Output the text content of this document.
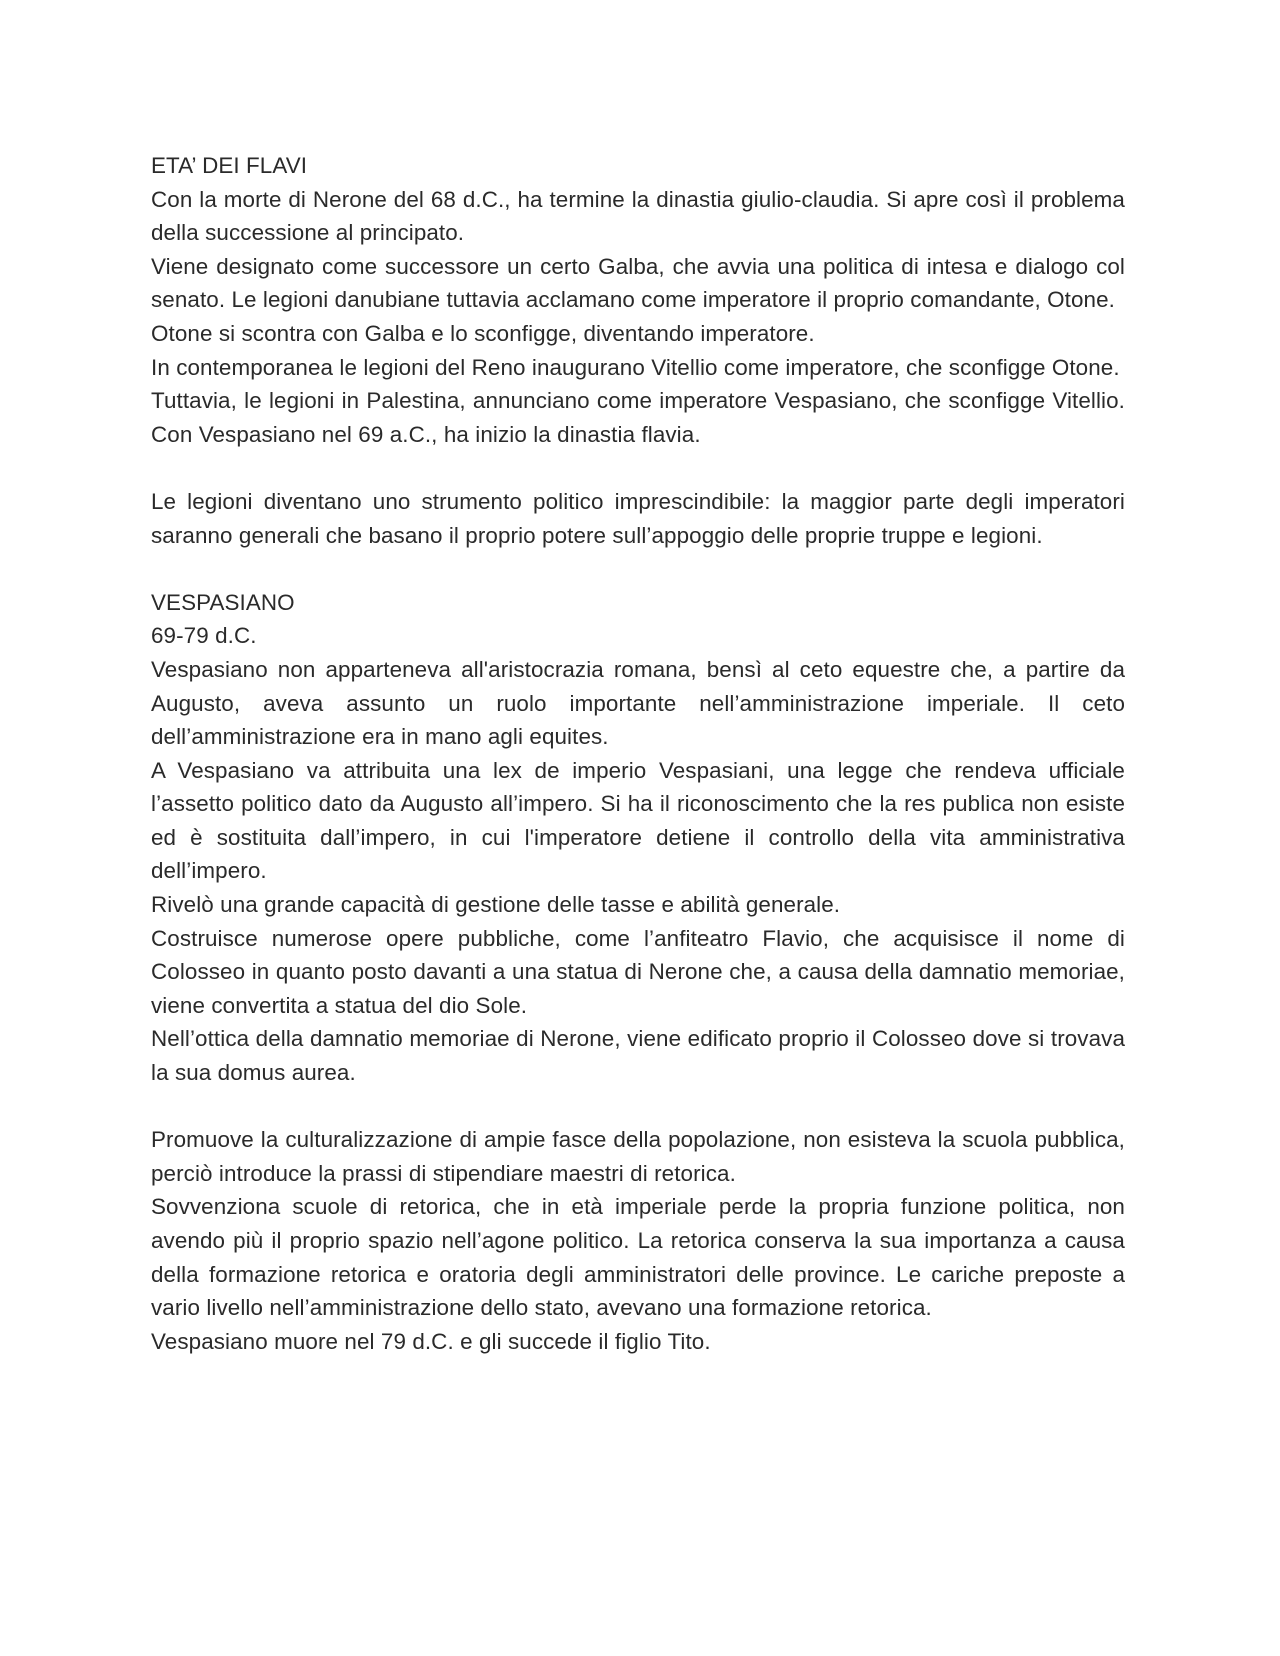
ETA’ DEI FLAVI

Con la morte di Nerone del 68 d.C., ha termine la dinastia giulio-claudia. Si apre così il problema della successione al principato.

Viene designato come successore un certo Galba, che avvia una politica di intesa e dialogo col senato. Le legioni danubiane tuttavia acclamano come imperatore il proprio comandante, Otone.

Otone si scontra con Galba e lo sconfigge, diventando imperatore.

In contemporanea le legioni del Reno inaugurano Vitellio come imperatore, che sconfigge Otone.

Tuttavia, le legioni in Palestina, annunciano come imperatore Vespasiano, che sconfigge Vitellio. Con Vespasiano nel 69 a.C., ha inizio la dinastia flavia.

Le legioni diventano uno strumento politico imprescindibile: la maggior parte degli imperatori saranno generali che basano il proprio potere sull’appoggio delle proprie truppe e legioni.

VESPASIANO
69-79 d.C.

Vespasiano non apparteneva all'aristocrazia romana, bensì al ceto equestre che, a partire da Augusto, aveva assunto un ruolo importante nell’amministrazione imperiale. Il ceto dell’amministrazione era in mano agli equites.

A Vespasiano va attribuita una lex de imperio Vespasiani, una legge che rendeva ufficiale l’assetto politico dato da Augusto all’impero. Si ha il riconoscimento che la res publica non esiste ed è sostituita dall’impero, in cui l'imperatore detiene il controllo della vita amministrativa dell’impero.

Rivelò una grande capacità di gestione delle tasse e abilità generale.

Costruisce numerose opere pubbliche, come l’anfiteatro Flavio, che acquisisce il nome di Colosseo in quanto posto davanti a una statua di Nerone che, a causa della damnatio memoriae, viene convertita a statua del dio Sole.

Nell’ottica della damnatio memoriae di Nerone, viene edificato proprio il Colosseo dove si trovava la sua domus aurea.

Promuove la culturalizzazione di ampie fasce della popolazione, non esisteva la scuola pubblica, perciò introduce la prassi di stipendiare maestri di retorica.

Sovvenziona scuole di retorica, che in età imperiale perde la propria funzione politica, non avendo più il proprio spazio nell’agone politico. La retorica conserva la sua importanza a causa della formazione retorica e oratoria degli amministratori delle province. Le cariche preposte a vario livello nell’amministrazione dello stato, avevano una formazione retorica.

Vespasiano muore nel 79 d.C. e gli succede il figlio Tito.
